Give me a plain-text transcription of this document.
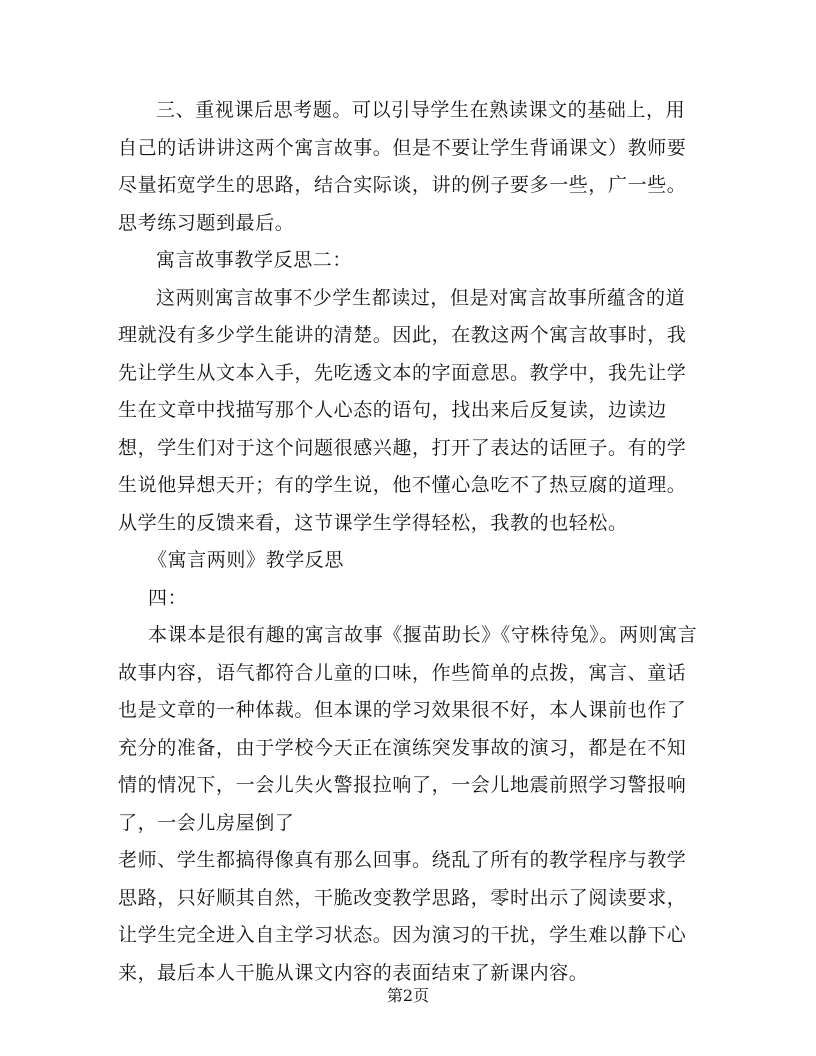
三、重视课后思考题。可以引导学生在熟读课文的基础上，用自己的话讲讲这两个寓言故事。但是不要让学生背诵课文）教师要尽量拓宽学生的思路，结合实际谈，讲的例子要多一些，广一些。思考练习题到最后。

寓言故事教学反思二：

这两则寓言故事不少学生都读过，但是对寓言故事所蕴含的道理就没有多少学生能讲的清楚。因此，在教这两个寓言故事时，我先让学生从文本入手，先吃透文本的字面意思。教学中，我先让学生在文章中找描写那个人心态的语句，找出来后反复读，边读边想，学生们对于这个问题很感兴趣，打开了表达的话匣子。有的学生说他异想天开；有的学生说，他不懂心急吃不了热豆腐的道理。从学生的反馈来看，这节课学生学得轻松，我教的也轻松。

《寓言两则》教学反思

四：

本课本是很有趣的寓言故事《揠苗助长》《守株待兔》。两则寓言故事内容，语气都符合儿童的口味，作些简单的点拨，寓言、童话也是文章的一种体裁。但本课的学习效果很不好，本人课前也作了充分的准备，由于学校今天正在演练突发事故的演习，都是在不知情的情况下，一会儿失火警报拉响了，一会儿地震前照学习警报响了，一会儿房屋倒了

老师、学生都搞得像真有那么回事。绕乱了所有的教学程序与教学思路，只好顺其自然，干脆改变教学思路，零时出示了阅读要求，让学生完全进入自主学习状态。因为演习的干扰，学生难以静下心来，最后本人干脆从课文内容的表面结束了新课内容。

第2页
